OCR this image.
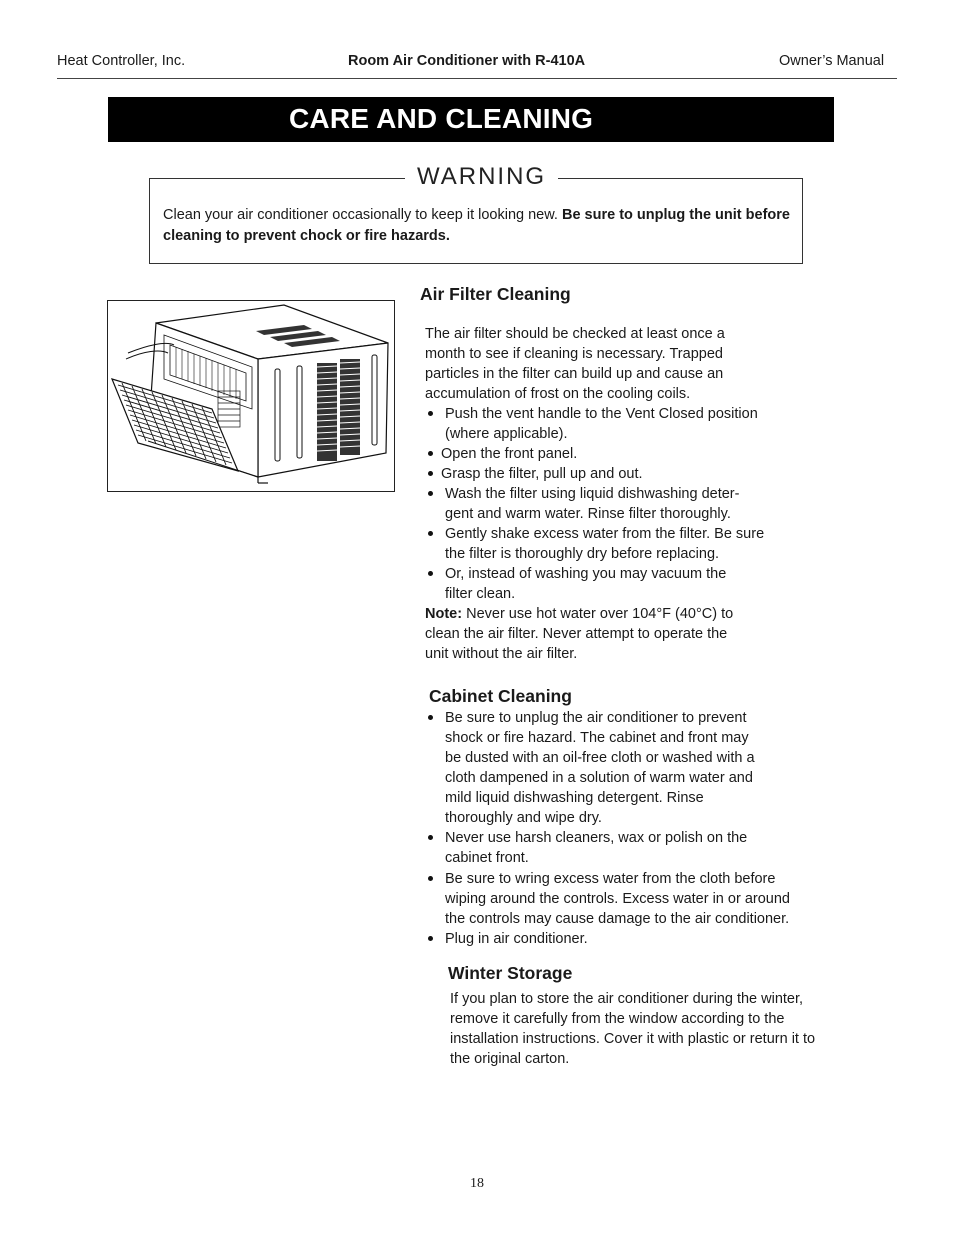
Heat Controller, Inc.	Room Air Conditioner with R-410A	Owner’s Manual
CARE AND CLEANING
WARNING
Clean your air conditioner occasionally to keep it looking new. Be sure to unplug the unit before cleaning to prevent chock or fire hazards.
Air Filter Cleaning
The air filter should be checked at least once a month to see if cleaning is necessary. Trapped particles in the filter can build up and cause an accumulation of frost on the cooling coils.
Push the vent handle to the Vent Closed position (where applicable).
Open the front panel.
Grasp the filter, pull up and out.
Wash the filter using liquid dishwashing deter- gent and warm water. Rinse filter thoroughly.
Gently shake excess water from the filter. Be sure the filter is thoroughly dry before replacing.
Or, instead of washing you may vacuum the filter clean.
Note: Never use hot water over 104°F (40°C) to clean the air filter. Never attempt to operate the unit without the air filter.
Cabinet Cleaning
Be sure to unplug the air conditioner to prevent shock or fire hazard. The cabinet and front may be dusted with an oil-free cloth or washed with a cloth dampened in a solution of warm water and mild liquid dishwashing detergent. Rinse thoroughly and wipe dry.
Never use harsh cleaners, wax or polish on the cabinet front.
Be sure to wring excess water from the cloth before wiping around the controls. Excess water in or around the controls may cause damage to the air conditioner.
Plug in air conditioner.
Winter Storage
If you plan to store the air conditioner during the winter, remove it carefully from the window according to the installation instructions. Cover it with plastic or return it to the original carton.
18
